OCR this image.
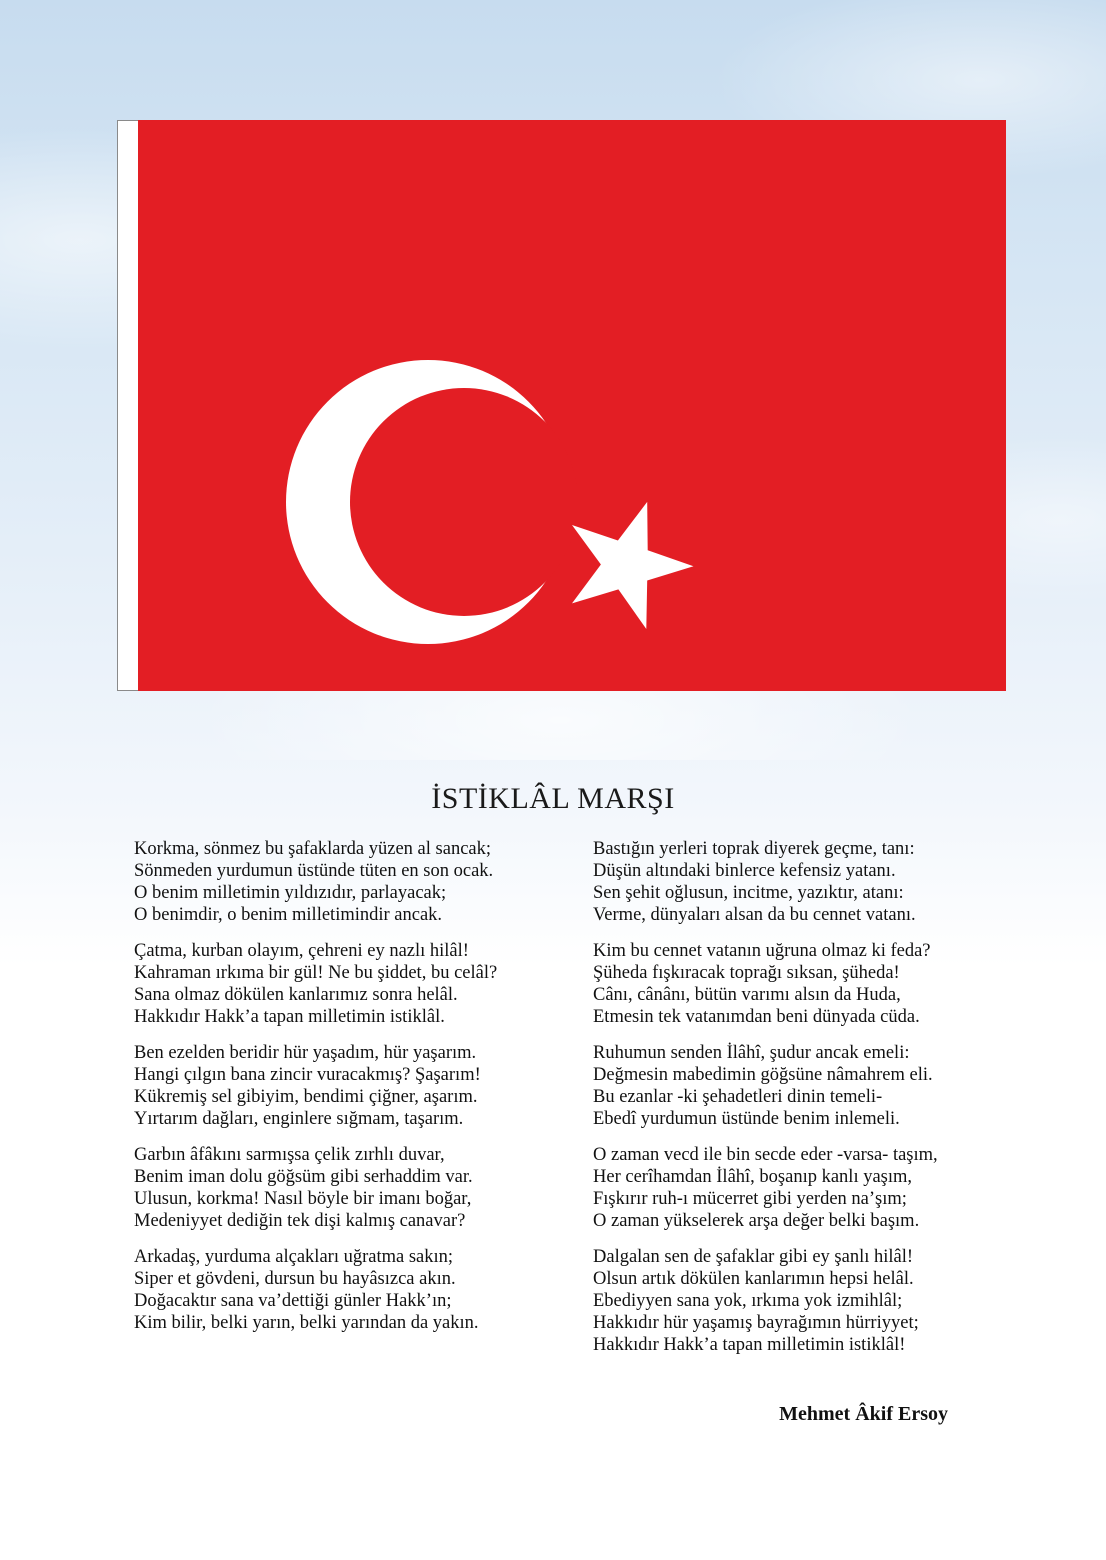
İSTİKLÂL MARŞI
Korkma, sönmez bu şafaklarda yüzen al sancak;
Sönmeden yurdumun üstünde tüten en son ocak.
O benim milletimin yıldızıdır, parlayacak;
O benimdir, o benim milletimindir ancak.
Çatma, kurban olayım, çehreni ey nazlı hilâl!
Kahraman ırkıma bir gül! Ne bu şiddet, bu celâl?
Sana olmaz dökülen kanlarımız sonra helâl.
Hakkıdır Hakk’a tapan milletimin istiklâl.
Ben ezelden beridir hür yaşadım, hür yaşarım.
Hangi çılgın bana zincir vuracakmış? Şaşarım!
Kükremiş sel gibiyim, bendimi çiğner, aşarım.
Yırtarım dağları, enginlere sığmam, taşarım.
Garbın âfâkını sarmışsa çelik zırhlı duvar,
Benim iman dolu göğsüm gibi serhaddim var.
Ulusun, korkma! Nasıl böyle bir imanı boğar,
Medeniyyet dediğin tek dişi kalmış canavar?
Arkadaş, yurduma alçakları uğratma sakın;
Siper et gövdeni, dursun bu hayâsızca akın.
Doğacaktır sana va’dettiği günler Hakk’ın;
Kim bilir, belki yarın, belki yarından da yakın.
Bastığın yerleri toprak diyerek geçme, tanı:
Düşün altındaki binlerce kefensiz yatanı.
Sen şehit oğlusun, incitme, yazıktır, atanı:
Verme, dünyaları alsan da bu cennet vatanı.
Kim bu cennet vatanın uğruna olmaz ki feda?
Şüheda fışkıracak toprağı sıksan, şüheda!
Cânı, cânânı, bütün varımı alsın da Huda,
Etmesin tek vatanımdan beni dünyada cüda.
Ruhumun senden İlâhî, şudur ancak emeli:
Değmesin mabedimin göğsüne nâmahrem eli.
Bu ezanlar -ki şehadetleri dinin temeli-
Ebedî yurdumun üstünde benim inlemeli.
O zaman vecd ile bin secde eder -varsa- taşım,
Her cerîhamdan İlâhî, boşanıp kanlı yaşım,
Fışkırır ruh-ı mücerret gibi yerden na’şım;
O zaman yükselerek arşa değer belki başım.
Dalgalan sen de şafaklar gibi ey şanlı hilâl!
Olsun artık dökülen kanlarımın hepsi helâl.
Ebediyyen sana yok, ırkıma yok izmihlâl;
Hakkıdır hür yaşamış bayrağımın hürriyyet;
Hakkıdır Hakk’a tapan milletimin istiklâl!
Mehmet Âkif Ersoy
